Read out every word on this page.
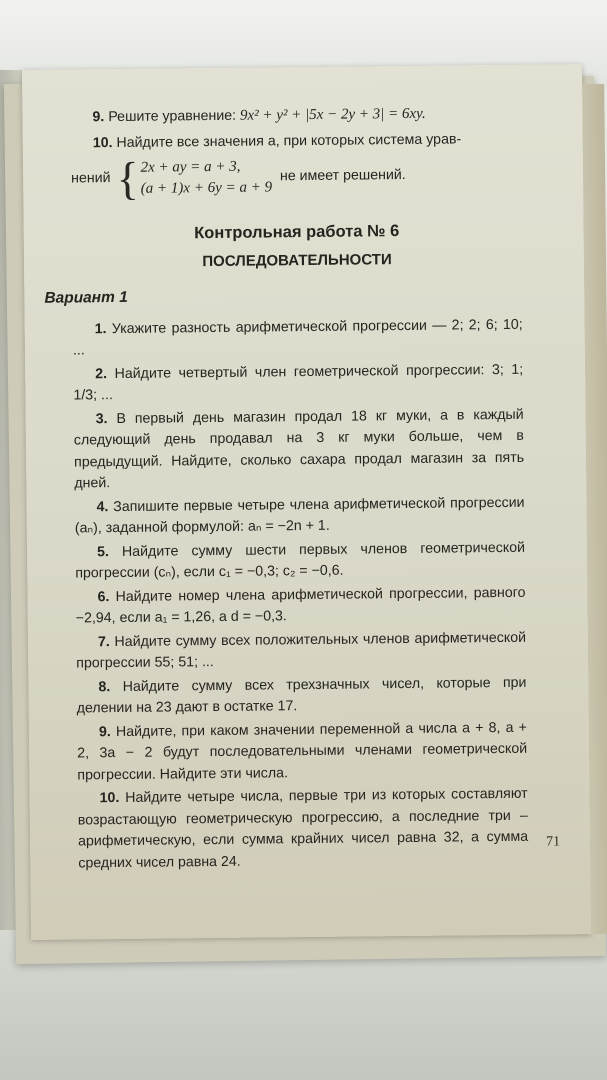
9. Решите уравнение: 9x² + y² + |5x − 2y + 3| = 6xy.

10. Найдите все значения a, при которых система урав-

нений { 2x + ay = a + 3,
(a + 1)x + 6y = a + 9
не имеет решений.
Контрольная работа № 6
ПОСЛЕДОВАТЕЛЬНОСТИ
Вариант 1

1. Укажите разность арифметической прогрессии — 2; 2; 6; 10; ...

2. Найдите четвертый член геометрической прогрессии: 3; 1; 1/3; ...

3. В первый день магазин продал 18 кг муки, а в каждый следующий день продавал на 3 кг муки больше, чем в предыдущий. Найдите, сколько сахара продал магазин за пять дней.

4. Запишите первые четыре члена арифметической прогрессии (aₙ), заданной формулой: aₙ = −2n + 1.

5. Найдите сумму шести первых членов геометрической прогрессии (cₙ), если c₁ = −0,3; c₂ = −0,6.

6. Найдите номер члена арифметической прогрессии, равного −2,94, если a₁ = 1,26, а d = −0,3.

7. Найдите сумму всех положительных членов арифметической прогрессии 55; 51; ...

8. Найдите сумму всех трехзначных чисел, которые при делении на 23 дают в остатке 17.

9. Найдите, при каком значении переменной a числа a + 8, a + 2, 3a − 2 будут последовательными членами геометрической прогрессии. Найдите эти числа.

10. Найдите четыре числа, первые три из которых составляют возрастающую геометрическую прогрессию, а последние три – арифметическую, если сумма крайних чисел равна 32, а сумма средних чисел равна 24.

71
